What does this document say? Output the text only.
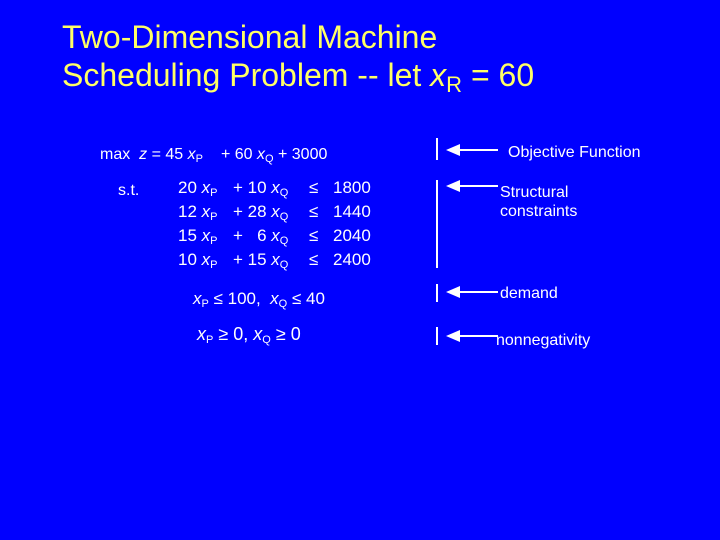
Two-Dimensional Machine
Scheduling Problem -- let $x_R = 60$
max  z = 45 xP + 60 xQ + 3000
s.t. 20 xP
12 xP
15 xP
10 xP
+ 10 xQ
+ 28 xQ
+   6 xQ
+ 15 xQ
≤
≤
≤
≤
1800
1440
2040
2400
xP ≤ 100,  xQ ≤ 40
xP ≥ 0, xQ ≥ 0
Objective Function
Structural
constraints
demand
nonnegativity
